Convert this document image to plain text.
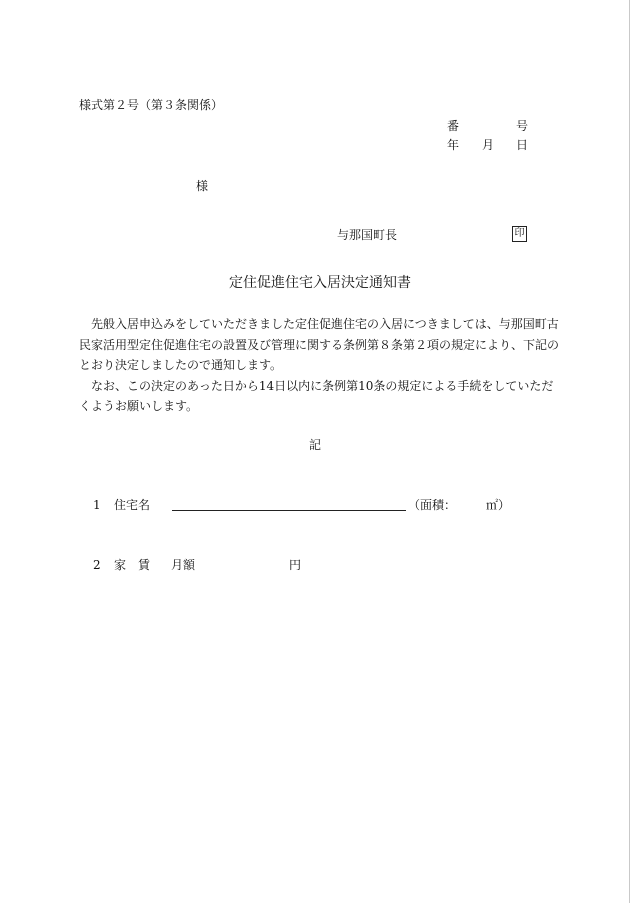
様式第２号（第３条関係）
番	号
年 月 日
様
与那国町長	印
定住促進住宅入居決定通知書

先般入居申込みをしていただきました定住促進住宅の入居につきましては、与那国町古民家活用型定住促進住宅の設置及び管理に関する条例第８条第２項の規定により、下記のとおり決定しましたので通知します。

なお、この決定のあった日から14日以内に条例第10条の規定による手続をしていただくようお願いします。

記
1 住宅名	（面積： ㎡）
2 家　賃 月額	円
